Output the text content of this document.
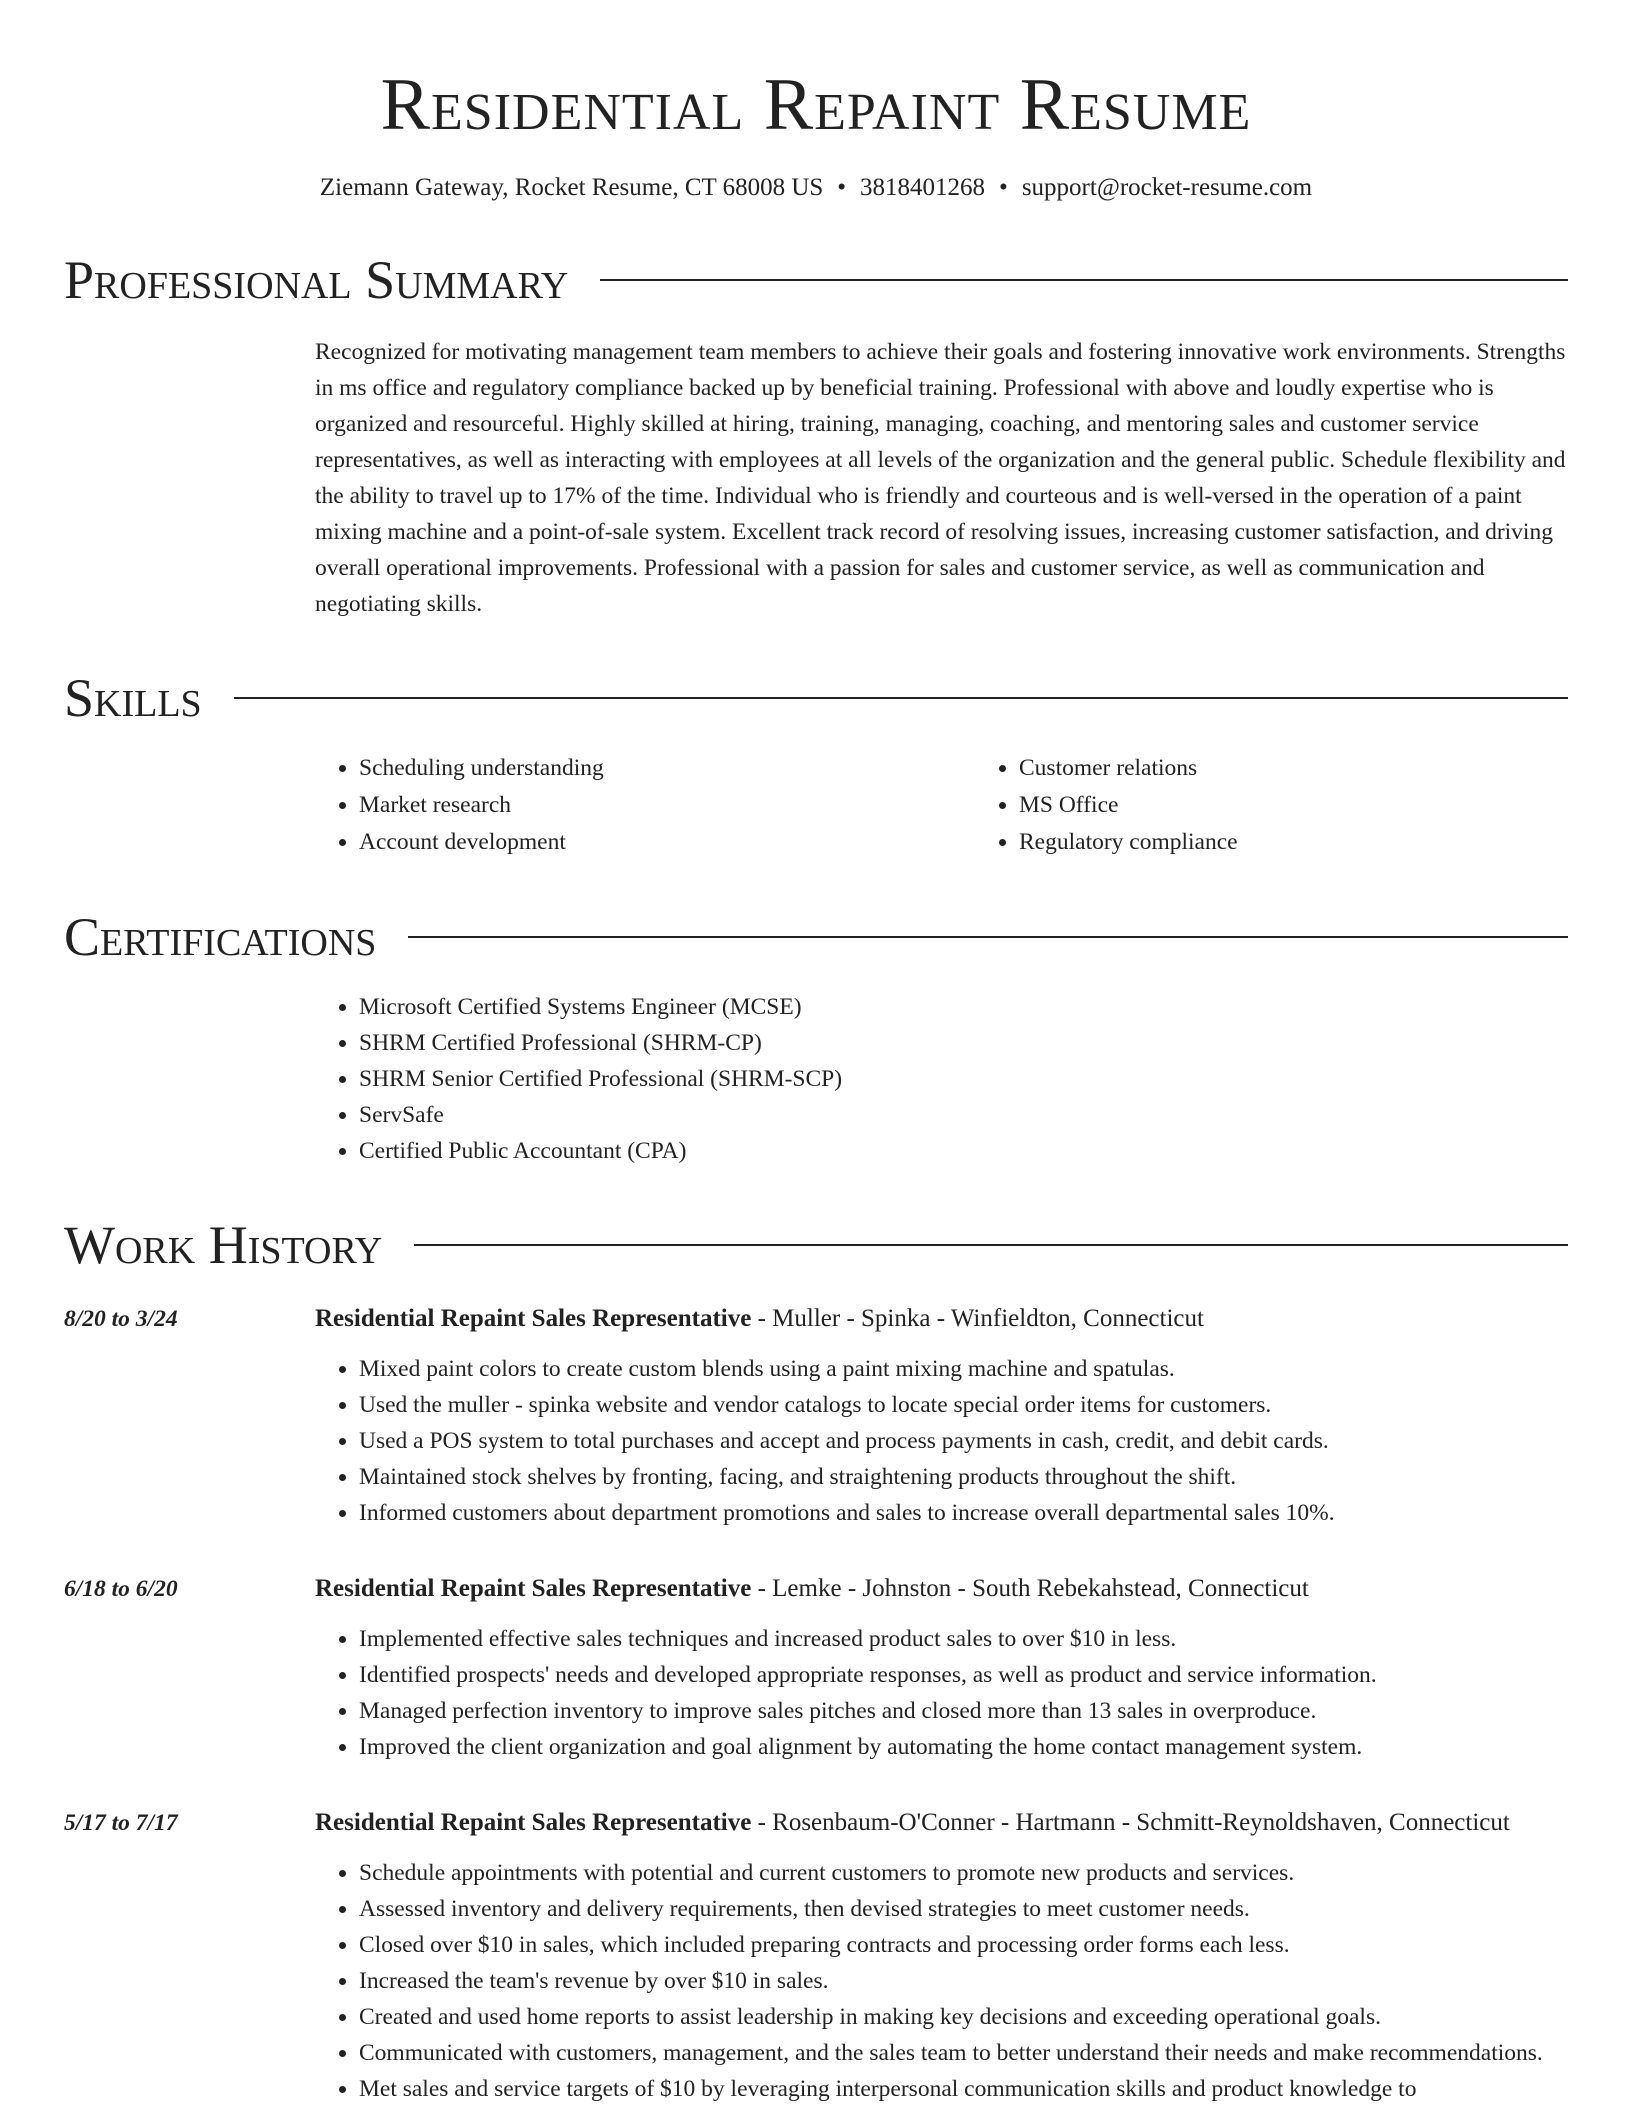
Residential Repaint Resume
Ziemann Gateway, Rocket Resume, CT 68008 US • 3818401268 • support@rocket-resume.com
Professional Summary
Recognized for motivating management team members to achieve their goals and fostering innovative work environments. Strengths in ms office and regulatory compliance backed up by beneficial training. Professional with above and loudly expertise who is organized and resourceful. Highly skilled at hiring, training, managing, coaching, and mentoring sales and customer service representatives, as well as interacting with employees at all levels of the organization and the general public. Schedule flexibility and the ability to travel up to 17% of the time. Individual who is friendly and courteous and is well-versed in the operation of a paint mixing machine and a point-of-sale system. Excellent track record of resolving issues, increasing customer satisfaction, and driving overall operational improvements. Professional with a passion for sales and customer service, as well as communication and negotiating skills.
Skills
• Scheduling understanding
• Market research
• Account development
• Customer relations
• MS Office
• Regulatory compliance
Certifications
• Microsoft Certified Systems Engineer (MCSE)
• SHRM Certified Professional (SHRM-CP)
• SHRM Senior Certified Professional (SHRM-SCP)
• ServSafe
• Certified Public Accountant (CPA)
Work History
8/20 to 3/24	Residential Repaint Sales Representative - Muller - Spinka - Winfieldton, Connecticut
• Mixed paint colors to create custom blends using a paint mixing machine and spatulas.
• Used the muller - spinka website and vendor catalogs to locate special order items for customers.
• Used a POS system to total purchases and accept and process payments in cash, credit, and debit cards.
• Maintained stock shelves by fronting, facing, and straightening products throughout the shift.
• Informed customers about department promotions and sales to increase overall departmental sales 10%.
6/18 to 6/20	Residential Repaint Sales Representative - Lemke - Johnston - South Rebekahstead, Connecticut
• Implemented effective sales techniques and increased product sales to over $10 in less.
• Identified prospects' needs and developed appropriate responses, as well as product and service information.
• Managed perfection inventory to improve sales pitches and closed more than 13 sales in overproduce.
• Improved the client organization and goal alignment by automating the home contact management system.
5/17 to 7/17	Residential Repaint Sales Representative - Rosenbaum-O'Conner - Hartmann - Schmitt-Reynoldshaven, Connecticut
• Schedule appointments with potential and current customers to promote new products and services.
• Assessed inventory and delivery requirements, then devised strategies to meet customer needs.
• Closed over $10 in sales, which included preparing contracts and processing order forms each less.
• Increased the team's revenue by over $10 in sales.
• Created and used home reports to assist leadership in making key decisions and exceeding operational goals.
• Communicated with customers, management, and the sales team to better understand their needs and make recommendations.
• Met sales and service targets of $10 by leveraging interpersonal communication skills and product knowledge to
